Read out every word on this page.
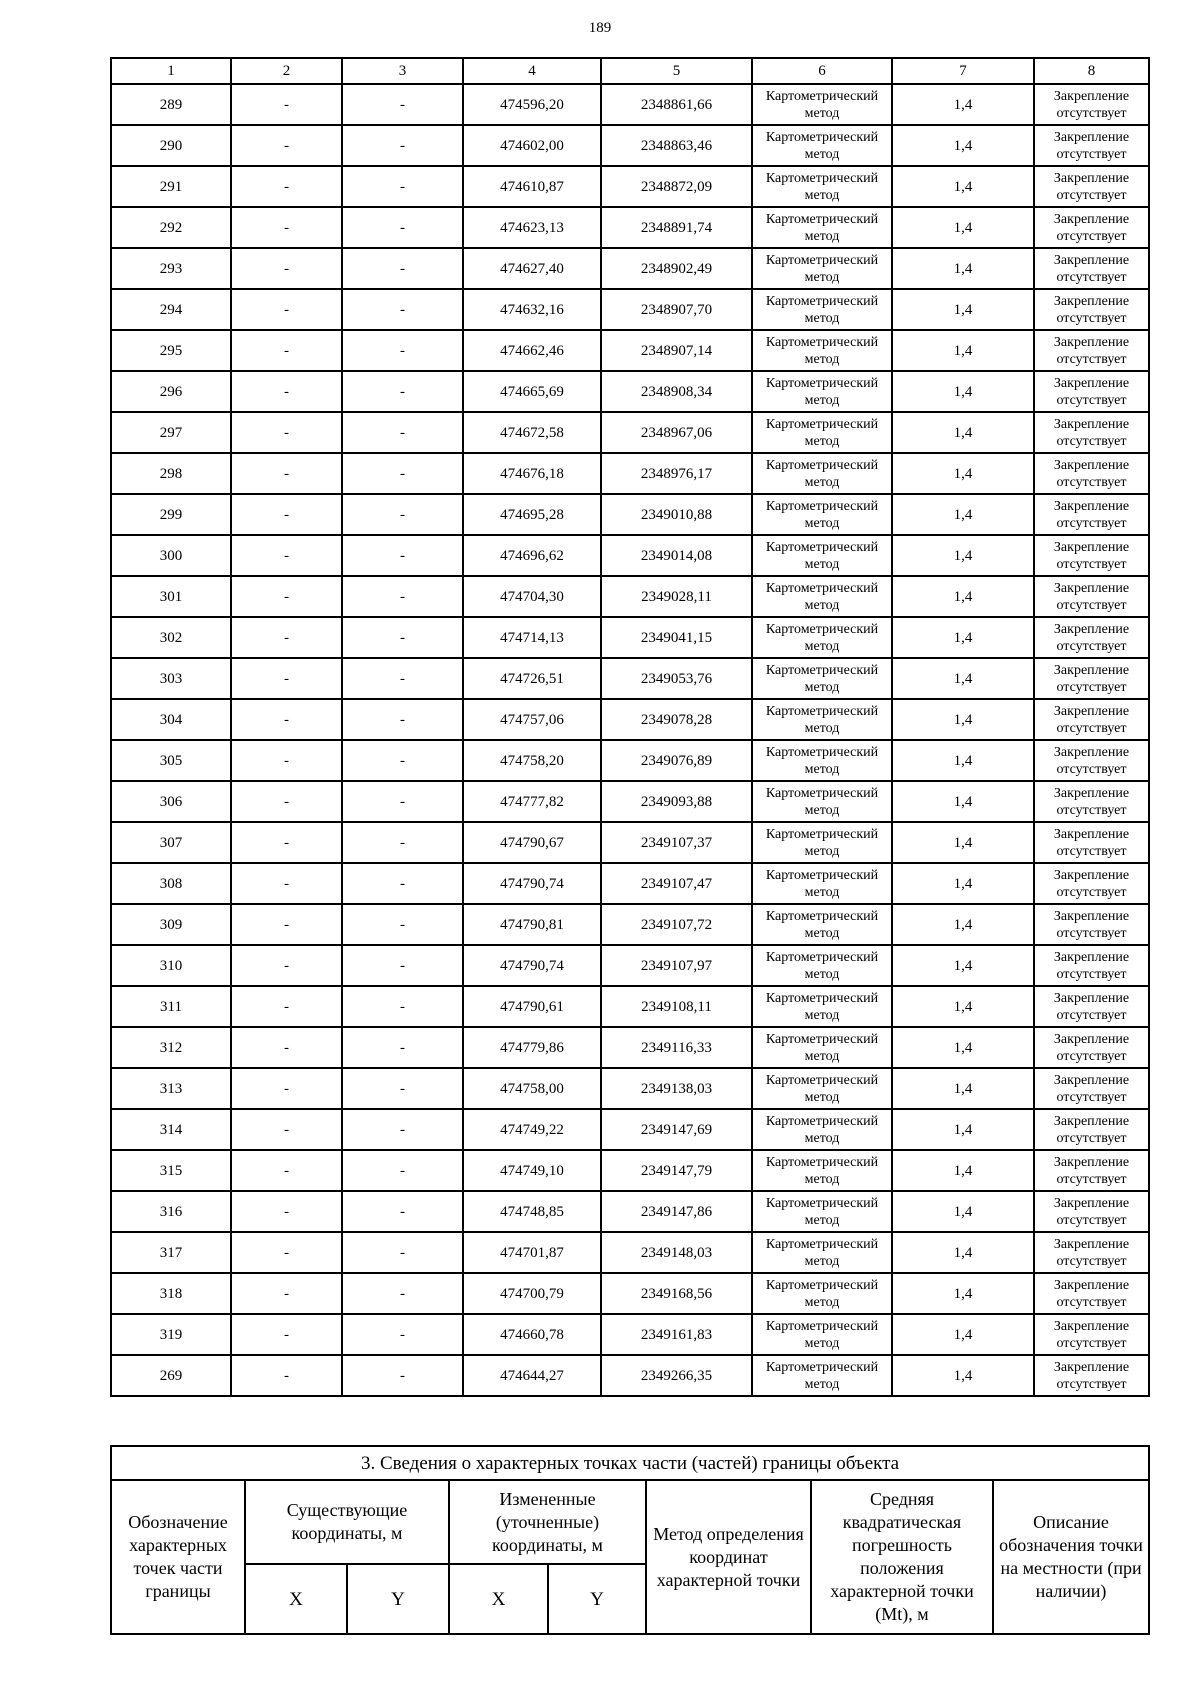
189
1	2	3	4	5	6	7	8
289	-	-	474596,20	2348861,66	Картометрический метод	1,4	Закрепление отсутствует
290	-	-	474602,00	2348863,46	Картометрический метод	1,4	Закрепление отсутствует
291	-	-	474610,87	2348872,09	Картометрический метод	1,4	Закрепление отсутствует
292	-	-	474623,13	2348891,74	Картометрический метод	1,4	Закрепление отсутствует
293	-	-	474627,40	2348902,49	Картометрический метод	1,4	Закрепление отсутствует
294	-	-	474632,16	2348907,70	Картометрический метод	1,4	Закрепление отсутствует
295	-	-	474662,46	2348907,14	Картометрический метод	1,4	Закрепление отсутствует
296	-	-	474665,69	2348908,34	Картометрический метод	1,4	Закрепление отсутствует
297	-	-	474672,58	2348967,06	Картометрический метод	1,4	Закрепление отсутствует
298	-	-	474676,18	2348976,17	Картометрический метод	1,4	Закрепление отсутствует
299	-	-	474695,28	2349010,88	Картометрический метод	1,4	Закрепление отсутствует
300	-	-	474696,62	2349014,08	Картометрический метод	1,4	Закрепление отсутствует
301	-	-	474704,30	2349028,11	Картометрический метод	1,4	Закрепление отсутствует
302	-	-	474714,13	2349041,15	Картометрический метод	1,4	Закрепление отсутствует
303	-	-	474726,51	2349053,76	Картометрический метод	1,4	Закрепление отсутствует
304	-	-	474757,06	2349078,28	Картометрический метод	1,4	Закрепление отсутствует
305	-	-	474758,20	2349076,89	Картометрический метод	1,4	Закрепление отсутствует
306	-	-	474777,82	2349093,88	Картометрический метод	1,4	Закрепление отсутствует
307	-	-	474790,67	2349107,37	Картометрический метод	1,4	Закрепление отсутствует
308	-	-	474790,74	2349107,47	Картометрический метод	1,4	Закрепление отсутствует
309	-	-	474790,81	2349107,72	Картометрический метод	1,4	Закрепление отсутствует
310	-	-	474790,74	2349107,97	Картометрический метод	1,4	Закрепление отсутствует
311	-	-	474790,61	2349108,11	Картометрический метод	1,4	Закрепление отсутствует
312	-	-	474779,86	2349116,33	Картометрический метод	1,4	Закрепление отсутствует
313	-	-	474758,00	2349138,03	Картометрический метод	1,4	Закрепление отсутствует
314	-	-	474749,22	2349147,69	Картометрический метод	1,4	Закрепление отсутствует
315	-	-	474749,10	2349147,79	Картометрический метод	1,4	Закрепление отсутствует
316	-	-	474748,85	2349147,86	Картометрический метод	1,4	Закрепление отсутствует
317	-	-	474701,87	2349148,03	Картометрический метод	1,4	Закрепление отсутствует
318	-	-	474700,79	2349168,56	Картометрический метод	1,4	Закрепление отсутствует
319	-	-	474660,78	2349161,83	Картометрический метод	1,4	Закрепление отсутствует
269	-	-	474644,27	2349266,35	Картометрический метод	1,4	Закрепление отсутствует
3. Сведения о характерных точках части (частей) границы объекта							
Обозначение характерных точек части границы	Существующие координаты, м		Измененные (уточненные) координаты, м		Метод определения координат характерной точки	Средняя квадратическая погрешность положения характерной точки (Mt), м	Описание обозначения точки на местности (при наличии)
	X	Y	X	Y			
